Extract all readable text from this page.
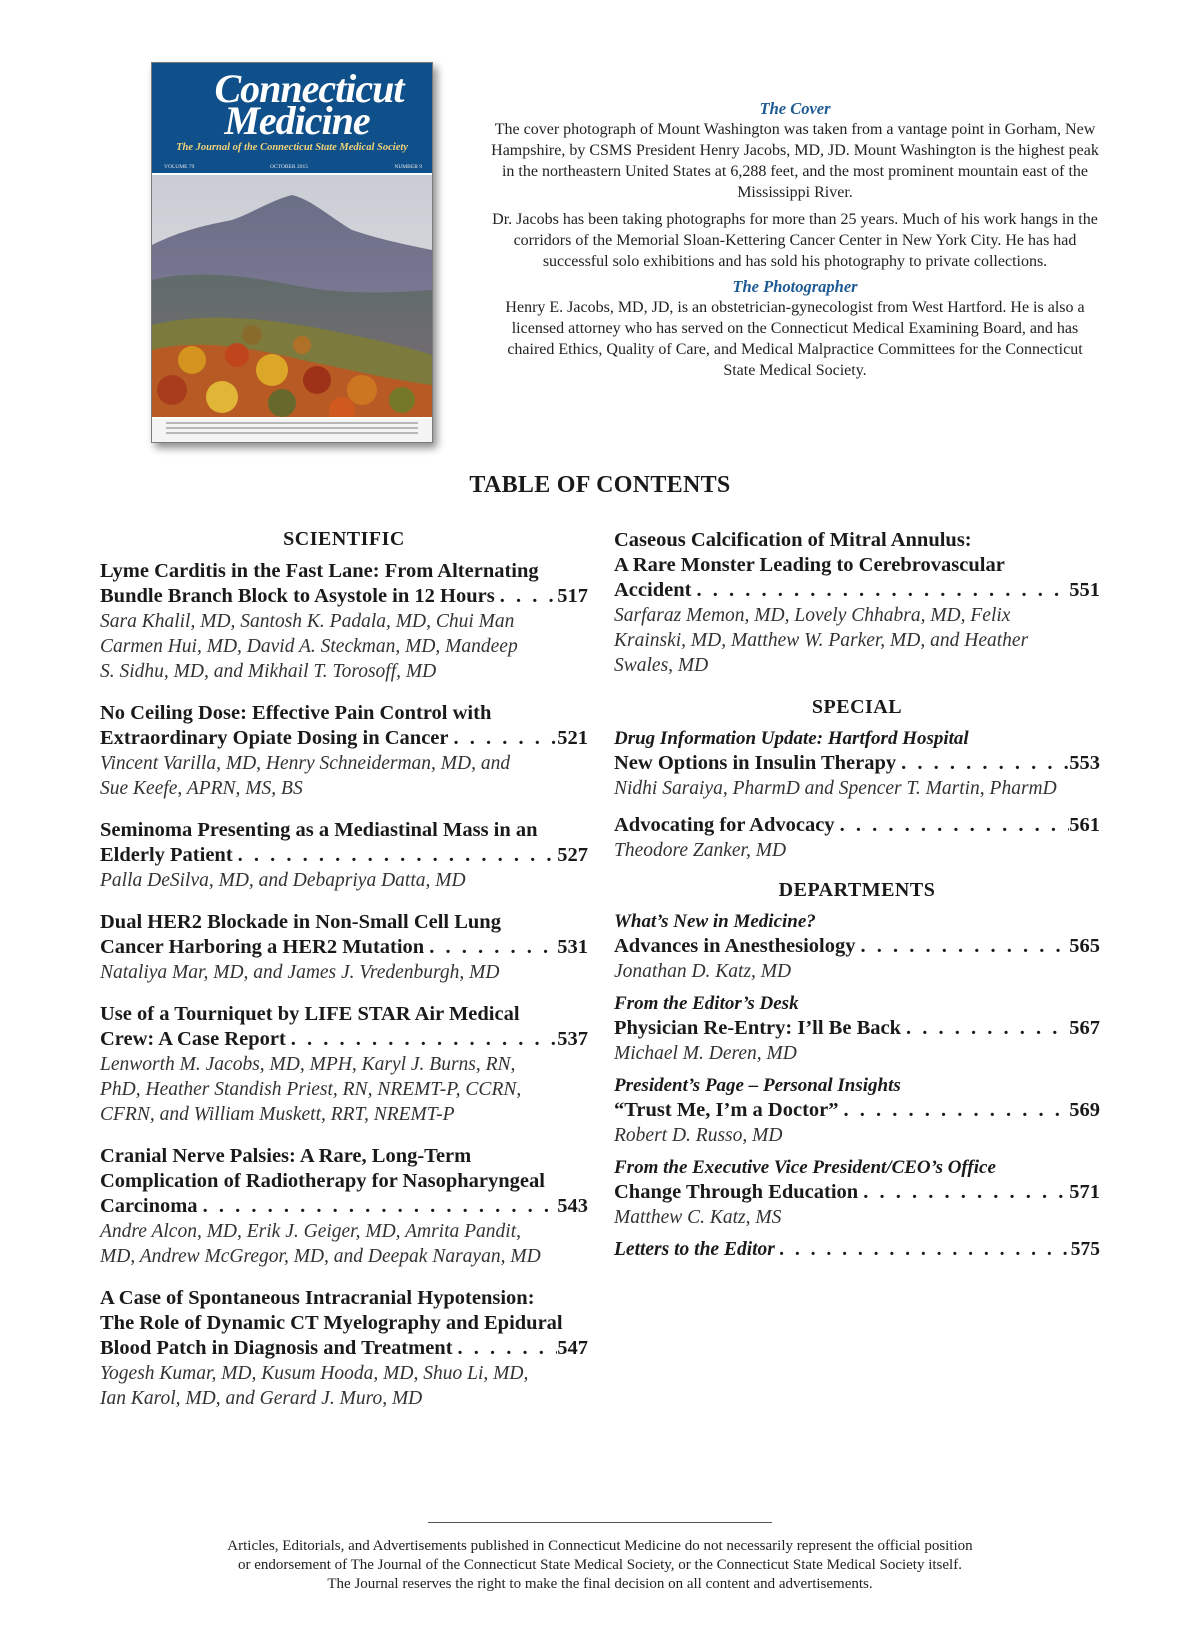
Connecticut
Medicine
The Journal of the Connecticut State Medical Society
VOLUME 79	OCTOBER 2015	NUMBER 9

The Cover

The cover photograph of Mount Washington was taken from a vantage point in Gorham, New Hampshire, by CSMS President Henry Jacobs, MD, JD. Mount Washington is the highest peak in the northeastern United States at 6,288 feet, and the most prominent mountain east of the Mississippi River.

Dr. Jacobs has been taking photographs for more than 25 years. Much of his work hangs in the corridors of the Memorial Sloan-Kettering Cancer Center in New York City. He has had successful solo exhibitions and has sold his photography to private collections.

The Photographer

Henry E. Jacobs, MD, JD, is an obstetrician-gynecologist from West Hartford. He is also a licensed attorney who has served on the Connecticut Medical Examining Board, and has chaired Ethics, Quality of Care, and Medical Malpractice Committees for the Connecticut State Medical Society.

TABLE OF CONTENTS
SCIENTIFIC
Lyme Carditis in the Fast Lane: From Alternating
Bundle Branch Block to Asystole in 12 Hours . . .	517
Sara Khalil, MD, Santosh K. Padala, MD, Chui Man
Carmen Hui, MD, David A. Steckman, MD, Mandeep
S. Sidhu, MD, and Mikhail T. Torosoff, MD
No Ceiling Dose: Effective Pain Control with
Extraordinary Opiate Dosing in Cancer . . .	521
Vincent Varilla, MD, Henry Schneiderman, MD, and
Sue Keefe, APRN, MS, BS
Seminoma Presenting as a Mediastinal Mass in an
Elderly Patient . . .	527
Palla DeSilva, MD, and Debapriya Datta, MD
Dual HER2 Blockade in Non-Small Cell Lung
Cancer Harboring a HER2 Mutation . . .	531
Nataliya Mar, MD, and James J. Vredenburgh, MD
Use of a Tourniquet by LIFE STAR Air Medical
Crew: A Case Report . . .	537
Lenworth M. Jacobs, MD, MPH, Karyl J. Burns, RN,
PhD, Heather Standish Priest, RN, NREMT-P, CCRN,
CFRN, and William Muskett, RRT, NREMT-P
Cranial Nerve Palsies: A Rare, Long-Term
Complication of Radiotherapy for Nasopharyngeal
Carcinoma . . .	543
Andre Alcon, MD, Erik J. Geiger, MD, Amrita Pandit,
MD, Andrew McGregor, MD, and Deepak Narayan, MD
A Case of Spontaneous Intracranial Hypotension:
The Role of Dynamic CT Myelography and Epidural
Blood Patch in Diagnosis and Treatment . . .	547
Yogesh Kumar, MD, Kusum Hooda, MD, Shuo Li, MD,
Ian Karol, MD, and Gerard J. Muro, MD
Caseous Calcification of Mitral Annulus:
A Rare Monster Leading to Cerebrovascular
Accident . . .	551
Sarfaraz Memon, MD, Lovely Chhabra, MD, Felix
Krainski, MD, Matthew W. Parker, MD, and Heather
Swales, MD
SPECIAL
Drug Information Update: Hartford Hospital
New Options in Insulin Therapy . . .	553
Nidhi Saraiya, PharmD and Spencer T. Martin, PharmD
Advocating for Advocacy . . .	561
Theodore Zanker, MD
DEPARTMENTS
What’s New in Medicine?
Advances in Anesthesiology . . .	565
Jonathan D. Katz, MD
From the Editor’s Desk
Physician Re-Entry: I’ll Be Back . . .	567
Michael M. Deren, MD
President’s Page – Personal Insights
“Trust Me, I’m a Doctor” . . .	569
Robert D. Russo, MD
From the Executive Vice President/CEO’s Office
Change Through Education . . .	571
Matthew C. Katz, MS
Letters to the Editor . . .	575

Articles, Editorials, and Advertisements published in Connecticut Medicine do not necessarily represent the official position

or endorsement of The Journal of the Connecticut State Medical Society, or the Connecticut State Medical Society itself.

The Journal reserves the right to make the final decision on all content and advertisements.
